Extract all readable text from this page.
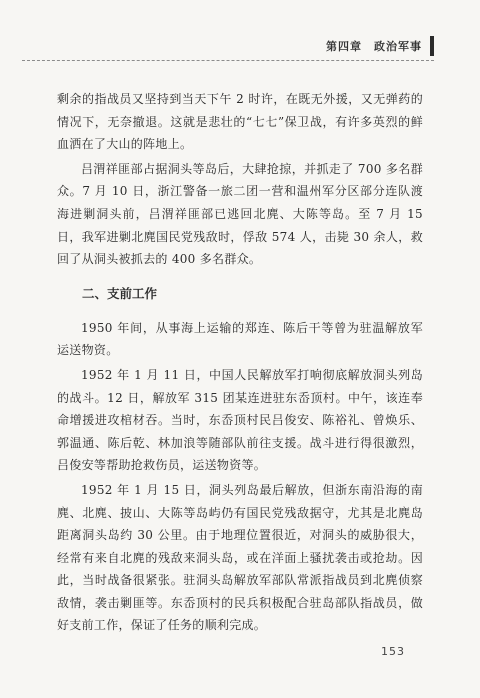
第四章　政治军事

剩余的指战员又坚持到当天下午 2 时许，在既无外援，又无弹药的情况下，无奈撤退。这就是悲壮的“七七”保卫战，有许多英烈的鲜血洒在了大山的阵地上。

吕渭祥匪部占据洞头等岛后，大肆抢掠，并抓走了 700 多名群众。7 月 10 日，浙江警备一旅二团一营和温州军分区部分连队渡海进剿洞头前，吕渭祥匪部已逃回北麂、大陈等岛。至 7 月 15 日，我军进剿北麂国民党残敌时，俘敌 574 人，击毙 30 余人，救回了从洞头被抓去的 400 多名群众。

二、支前工作

1950 年间，从事海上运输的郑连、陈后干等曾为驻温解放军运送物资。

1952 年 1 月 11 日，中国人民解放军打响彻底解放洞头列岛的战斗。12 日，解放军 315 团某连进驻东岙顶村。中午，该连奉命增援进攻棺材吞。当时，东岙顶村民吕俊安、陈裕礼、曾焕乐、郭温通、陈后乾、林加浪等随部队前往支援。战斗进行得很激烈，吕俊安等帮助抢救伤员，运送物资等。

1952 年 1 月 15 日，洞头列岛最后解放，但浙东南沿海的南麂、北麂、披山、大陈等岛屿仍有国民党残敌据守，尤其是北麂岛距离洞头岛约 30 公里。由于地理位置很近，对洞头的威胁很大，经常有来自北麂的残敌来洞头岛，或在洋面上骚扰袭击或抢劫。因此，当时战备很紧张。驻洞头岛解放军部队常派指战员到北麂侦察敌情，袭击剿匪等。东岙顶村的民兵积极配合驻岛部队指战员，做好支前工作，保证了任务的顺利完成。

153
